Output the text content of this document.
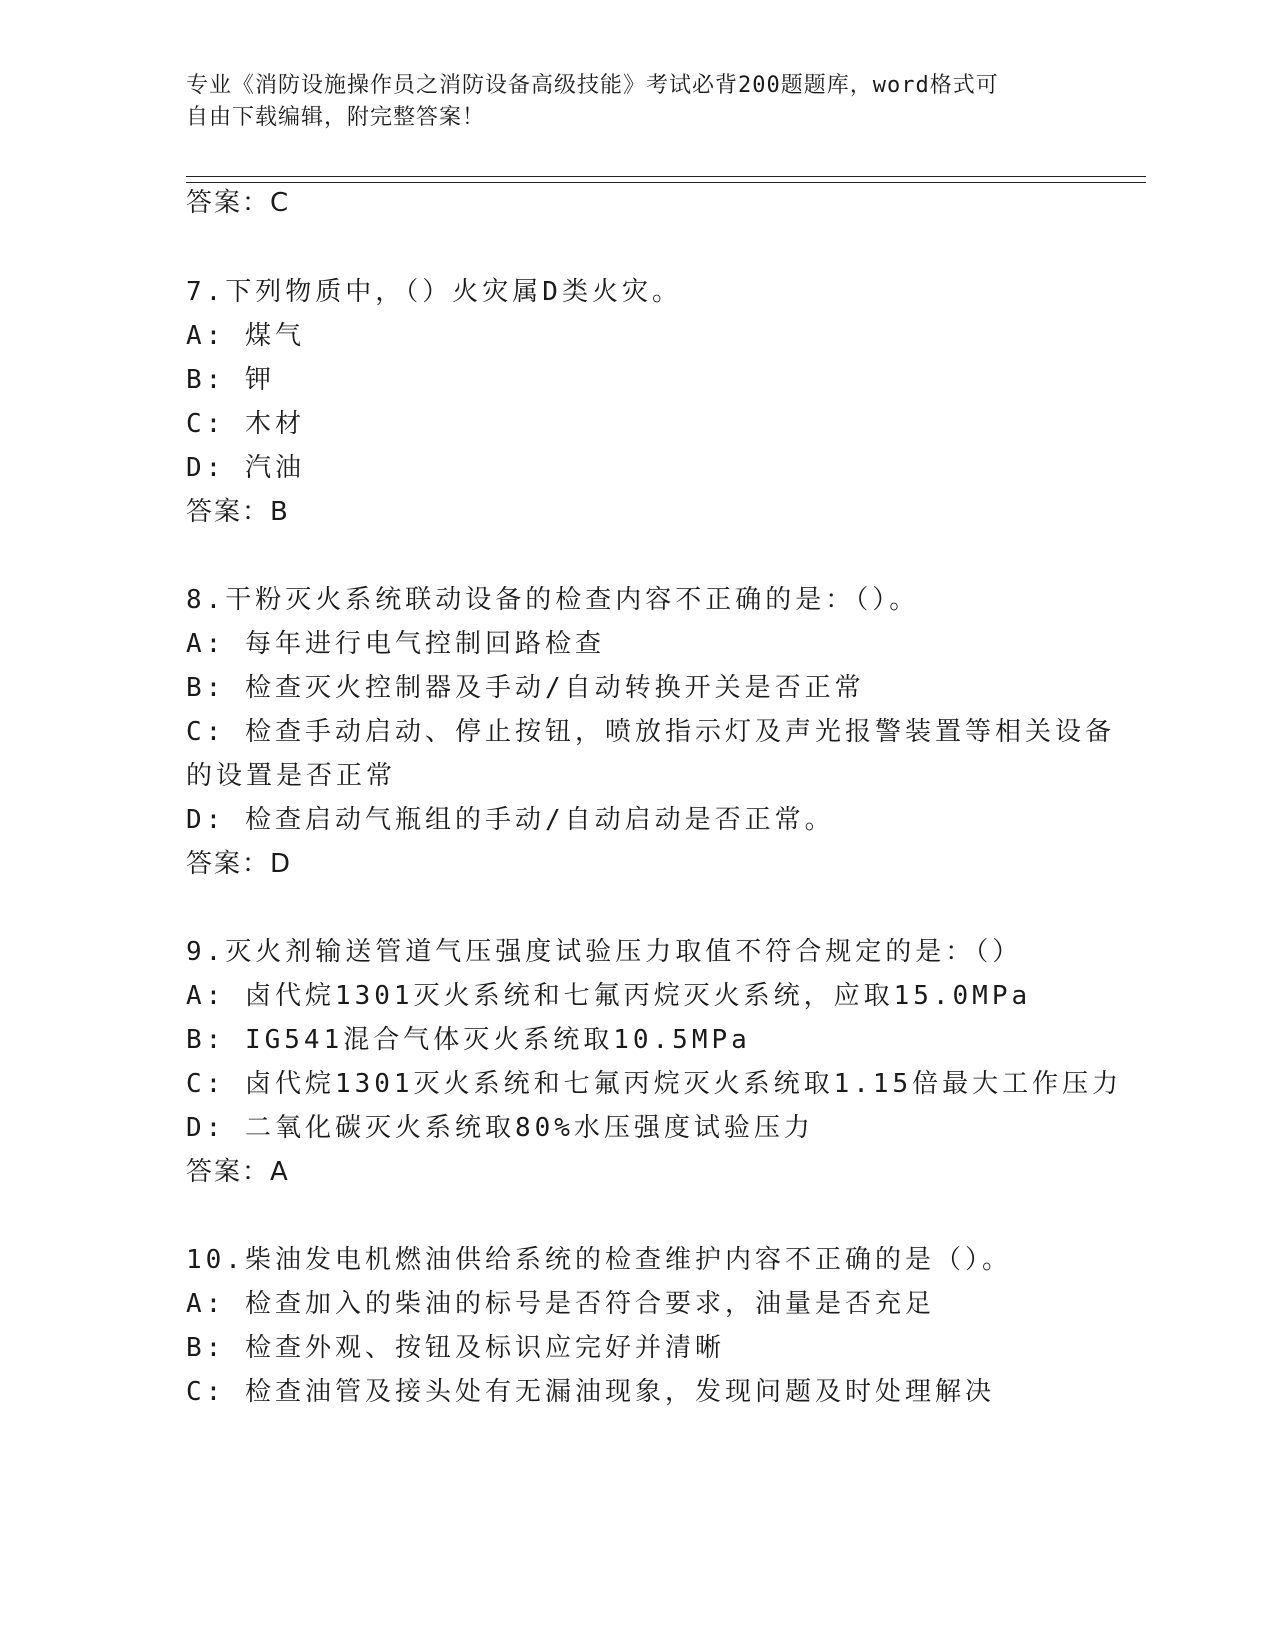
专业《消防设施操作员之消防设备高级技能》考试必背200题题库，word格式可
自由下载编辑，附完整答案！
答案：C
7.下列物质中，（）火灾属D类火灾。
A: 煤气
B: 钾
C: 木材
D: 汽油
答案：B
8.干粉灭火系统联动设备的检查内容不正确的是：（）。
A: 每年进行电气控制回路检查
B: 检查灭火控制器及手动/自动转换开关是否正常
C: 检查手动启动、停止按钮，喷放指示灯及声光报警装置等相关设备
的设置是否正常
D: 检查启动气瓶组的手动/自动启动是否正常。
答案：D
9.灭火剂输送管道气压强度试验压力取值不符合规定的是：（）
A: 卤代烷1301灭火系统和七氟丙烷灭火系统，应取15.0MPa
B: IG541混合气体灭火系统取10.5MPa
C: 卤代烷1301灭火系统和七氟丙烷灭火系统取1.15倍最大工作压力
D: 二氧化碳灭火系统取80%水压强度试验压力
答案：A
10.柴油发电机燃油供给系统的检查维护内容不正确的是（）。
A: 检查加入的柴油的标号是否符合要求，油量是否充足
B: 检查外观、按钮及标识应完好并清晰
C: 检查油管及接头处有无漏油现象，发现问题及时处理解决
